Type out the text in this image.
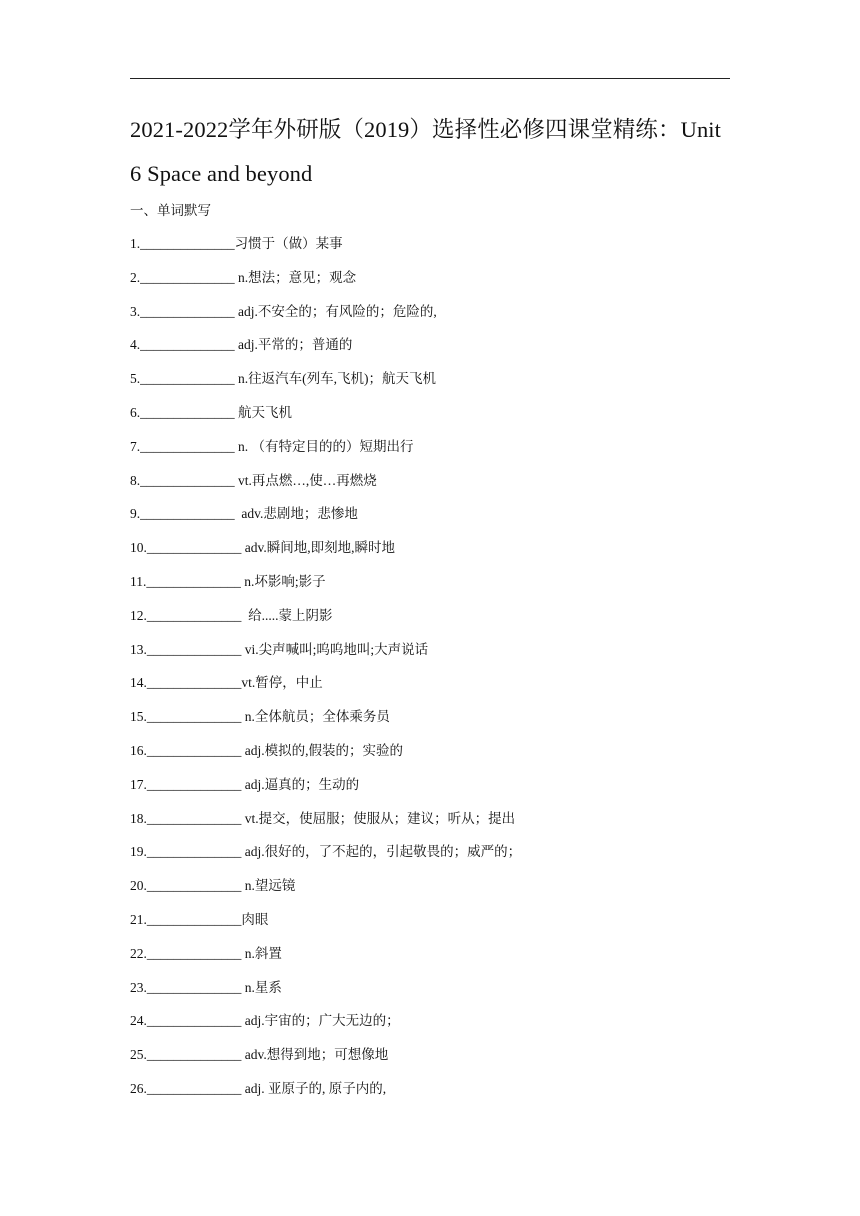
2021-2022学年外研版（2019）选择性必修四课堂精练：Unit 6 Space and beyond
一、单词默写
1.______________习惯于（做）某事
2.______________ n.想法；意见；观念
3.______________ adj.不安全的；有风险的；危险的,
4.______________ adj.平常的；普通的
5.______________ n.往返汽车(列车,飞机)；航天飞机
6.______________ 航天飞机
7.______________ n. （有特定目的的）短期出行
8.______________ vt.再点燃…,使…再燃烧
9.______________  adv.悲剧地；悲惨地
10.______________ adv.瞬间地,即刻地,瞬时地
11.______________ n.坏影响;影子
12.______________  给.....蒙上阴影
13.______________ vi.尖声喊叫;呜呜地叫;大声说话
14.______________vt.暂停，中止
15.______________ n.全体航员；全体乘务员
16.______________ adj.模拟的,假装的；实验的
17.______________ adj.逼真的；生动的
18.______________ vt.提交，使屈服；使服从；建议；听从；提出
19.______________ adj.很好的，了不起的，引起敬畏的；威严的；
20.______________ n.望远镜
21.______________肉眼
22.______________ n.斜置
23.______________ n.星系
24.______________ adj.宇宙的；广大无边的；
25.______________ adv.想得到地；可想像地
26.______________ adj. 亚原子的, 原子内的,
